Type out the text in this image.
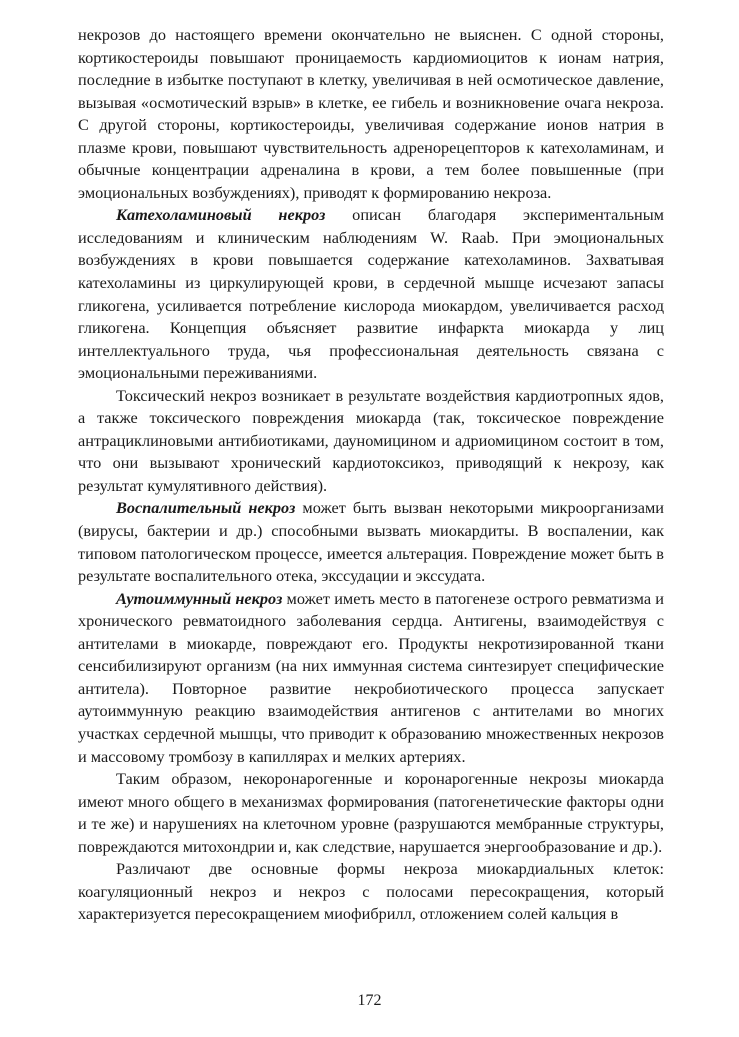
некрозов до настоящего времени окончательно не выяснен. С одной стороны, кортикостероиды повышают проницаемость кардиомиоцитов к ионам натрия, последние в избытке поступают в клетку, увеличивая в ней осмотическое давление, вызывая «осмотический взрыв» в клетке, ее гибель и возникновение очага некроза. С другой стороны, кортикостероиды, увеличивая содержание ионов натрия в плазме крови, повышают чувствительность адренорецепторов к катехоламинам, и обычные концентрации адреналина в крови, а тем более повышенные (при эмоциональных возбуждениях), приводят к формированию некроза.

Катехоламиновый некроз описан благодаря экспериментальным исследованиям и клиническим наблюдениям W. Raab. При эмоциональных возбуждениях в крови повышается содержание катехоламинов. Захватывая катехоламины из циркулирующей крови, в сердечной мышце исчезают запасы гликогена, усиливается потребление кислорода миокардом, увеличивается расход гликогена. Концепция объясняет развитие инфаркта миокарда у лиц интеллектуального труда, чья профессиональная деятельность связана с эмоциональными переживаниями.

Токсический некроз возникает в результате воздействия кардиотропных ядов, а также токсического повреждения миокарда (так, токсическое повреждение антрациклиновыми антибиотиками, дауномицином и адриомицином состоит в том, что они вызывают хронический кардиотоксикоз, приводящий к некрозу, как результат кумулятивного действия).

Воспалительный некроз может быть вызван некоторыми микроорганизами (вирусы, бактерии и др.) способными вызвать миокардиты. В воспалении, как типовом патологическом процессе, имеется альтерация. Повреждение может быть в результате воспалительного отека, экссудации и экссудата.

Аутоиммунный некроз может иметь место в патогенезе острого ревматизма и хронического ревматоидного заболевания сердца. Антигены, взаимодействуя с антителами в миокарде, повреждают его. Продукты некротизированной ткани сенсибилизируют организм (на них иммунная система синтезирует специфические антитела). Повторное развитие некробиотического процесса запускает аутоиммунную реакцию взаимодействия антигенов с антителами во многих участках сердечной мышцы, что приводит к образованию множественных некрозов и массовому тромбозу в капиллярах и мелких артериях.

Таким образом, некоронарогенные и коронарогенные некрозы миокарда имеют много общего в механизмах формирования (патогенетические факторы одни и те же) и нарушениях на клеточном уровне (разрушаются мембранные структуры, повреждаются митохондрии и, как следствие, нарушается энергообразование и др.).

Различают две основные формы некроза миокардиальных клеток: коагуляционный некроз и некроз с полосами пересокращения, который характеризуется пересокращением миофибрилл, отложением солей кальция в

172
